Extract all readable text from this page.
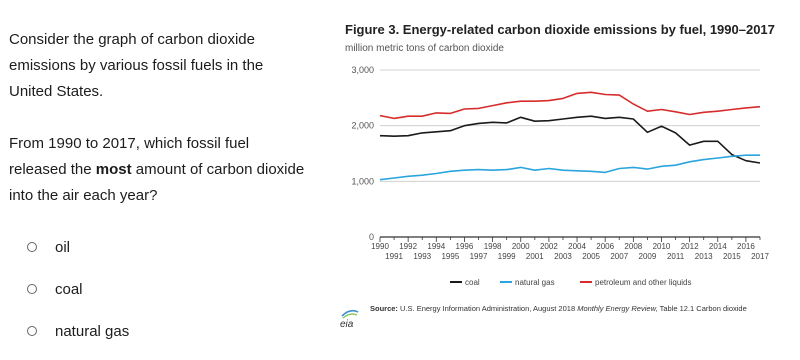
Consider the graph of carbon dioxide emissions by various fossil fuels in the United States.

From 1990 to 2017, which fossil fuel released the most amount of carbon dioxide into the air each year?

oil
coal
natural gas
Figure 3. Energy-related carbon dioxide emissions by fuel, 1990–2017
million metric tons of carbon dioxide
0
1,000
2,000
3,000
1990
1991
1992
1993
1994
1995
1996
1997
1998
1999
2000
2001
2002
2003
2004
2005
2006
2007
2008
2009
2010
2011
2012
2013
2014
2015
2016
2017
coal	natural gas	petroleum and other liquids
eia
Source: U.S. Energy Information Administration, August 2018 Monthly Energy Review, Table 12.1 Carbon dioxide
